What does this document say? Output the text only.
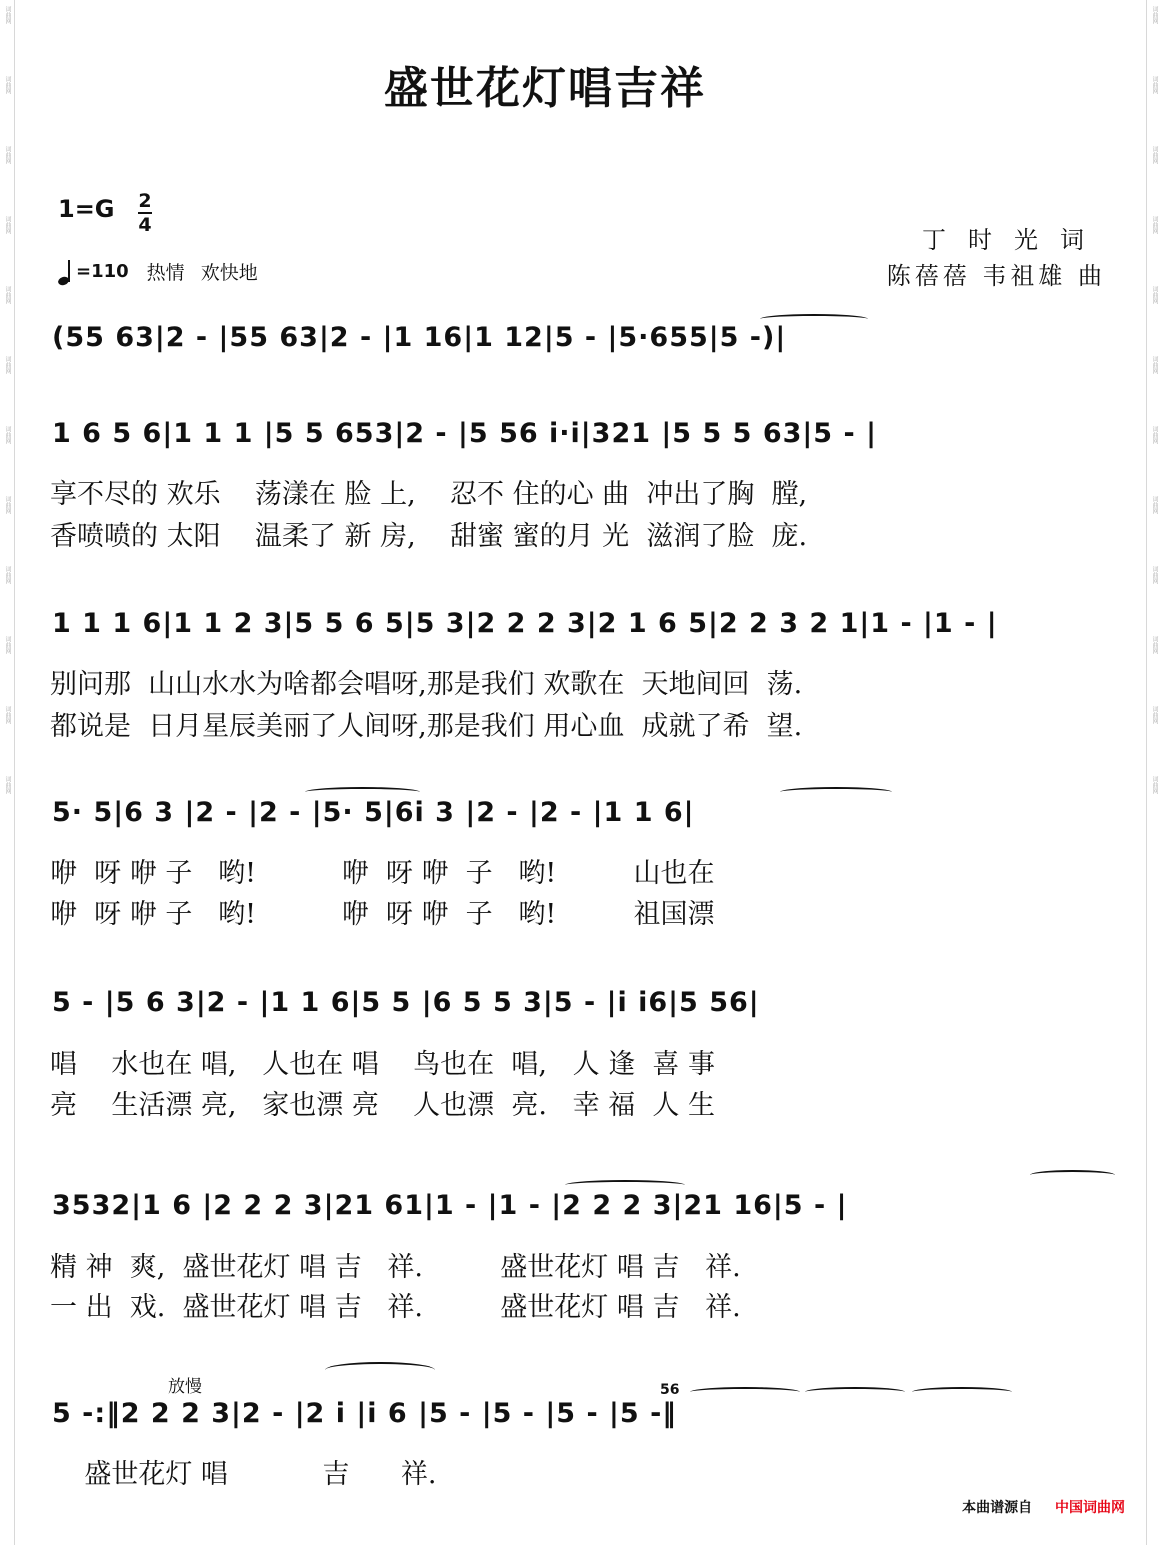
词曲网
词曲网
词曲网
词曲网
词曲网
词曲网
词曲网
词曲网
词曲网
词曲网
词曲网
词曲网
词曲网
词曲网
词曲网
词曲网
词曲网
词曲网
词曲网
词曲网
词曲网
词曲网
词曲网
词曲网
盛世花灯唱吉祥
1=G 2
4
=110 热情 欢快地
丁时光词
陈蓓蓓 韦祖雄 曲
(55 63|2 - |55 63|2 - |1 16|1 12|5 - |5·655|5 -)|
1 6 5 6|1 1 1 |5 5 653|2 - |5 56 i·i|321 |5 5 5 63|5 - |
享不尽的 欢乐    荡漾在 脸 上,    忍不 住的心 曲  冲出了胸  膛,
香喷喷的 太阳    温柔了 新 房,    甜蜜 蜜的月 光  滋润了脸  庞.
1 1 1 6|1 1 2 3|5 5 6 5|5 3|2 2 2 3|2 1 6 5|2 2 3 2 1|1 - |1 - |
别问那  山山水水为啥都会唱呀,那是我们 欢歌在  天地间回  荡.
都说是  日月星辰美丽了人间呀,那是我们 用心血  成就了希  望.
5· 5|6 3 |2 - |2 - |5· 5|6i 3 |2 - |2 - |1 1 6|
咿  呀 咿 子   哟!          咿  呀 咿  子   哟!         山也在
咿  呀 咿 子   哟!          咿  呀 咿  子   哟!         祖国漂
5 - |5 6 3|2 - |1 1 6|5 5 |6 5 5 3|5 - |i i6|5 56|
唱    水也在 唱,   人也在 唱    鸟也在  唱,   人 逢  喜 事
亮    生活漂 亮,   家也漂 亮    人也漂  亮.   幸 福  人 生
3532|1 6 |2 2 2 3|21 61|1 - |1 - |2 2 2 3|21 16|5 - |
精 神  爽,  盛世花灯 唱 吉   祥.         盛世花灯 唱 吉   祥.
一 出  戏.  盛世花灯 唱 吉   祥.         盛世花灯 唱 吉   祥.
放慢
5 -:‖2 2 2 3|2 - |2 i |i 6 |5 - |5 - |5 - |5 -‖
56
盛世花灯 唱           吉      祥.
本曲谱源自 中国词曲网
